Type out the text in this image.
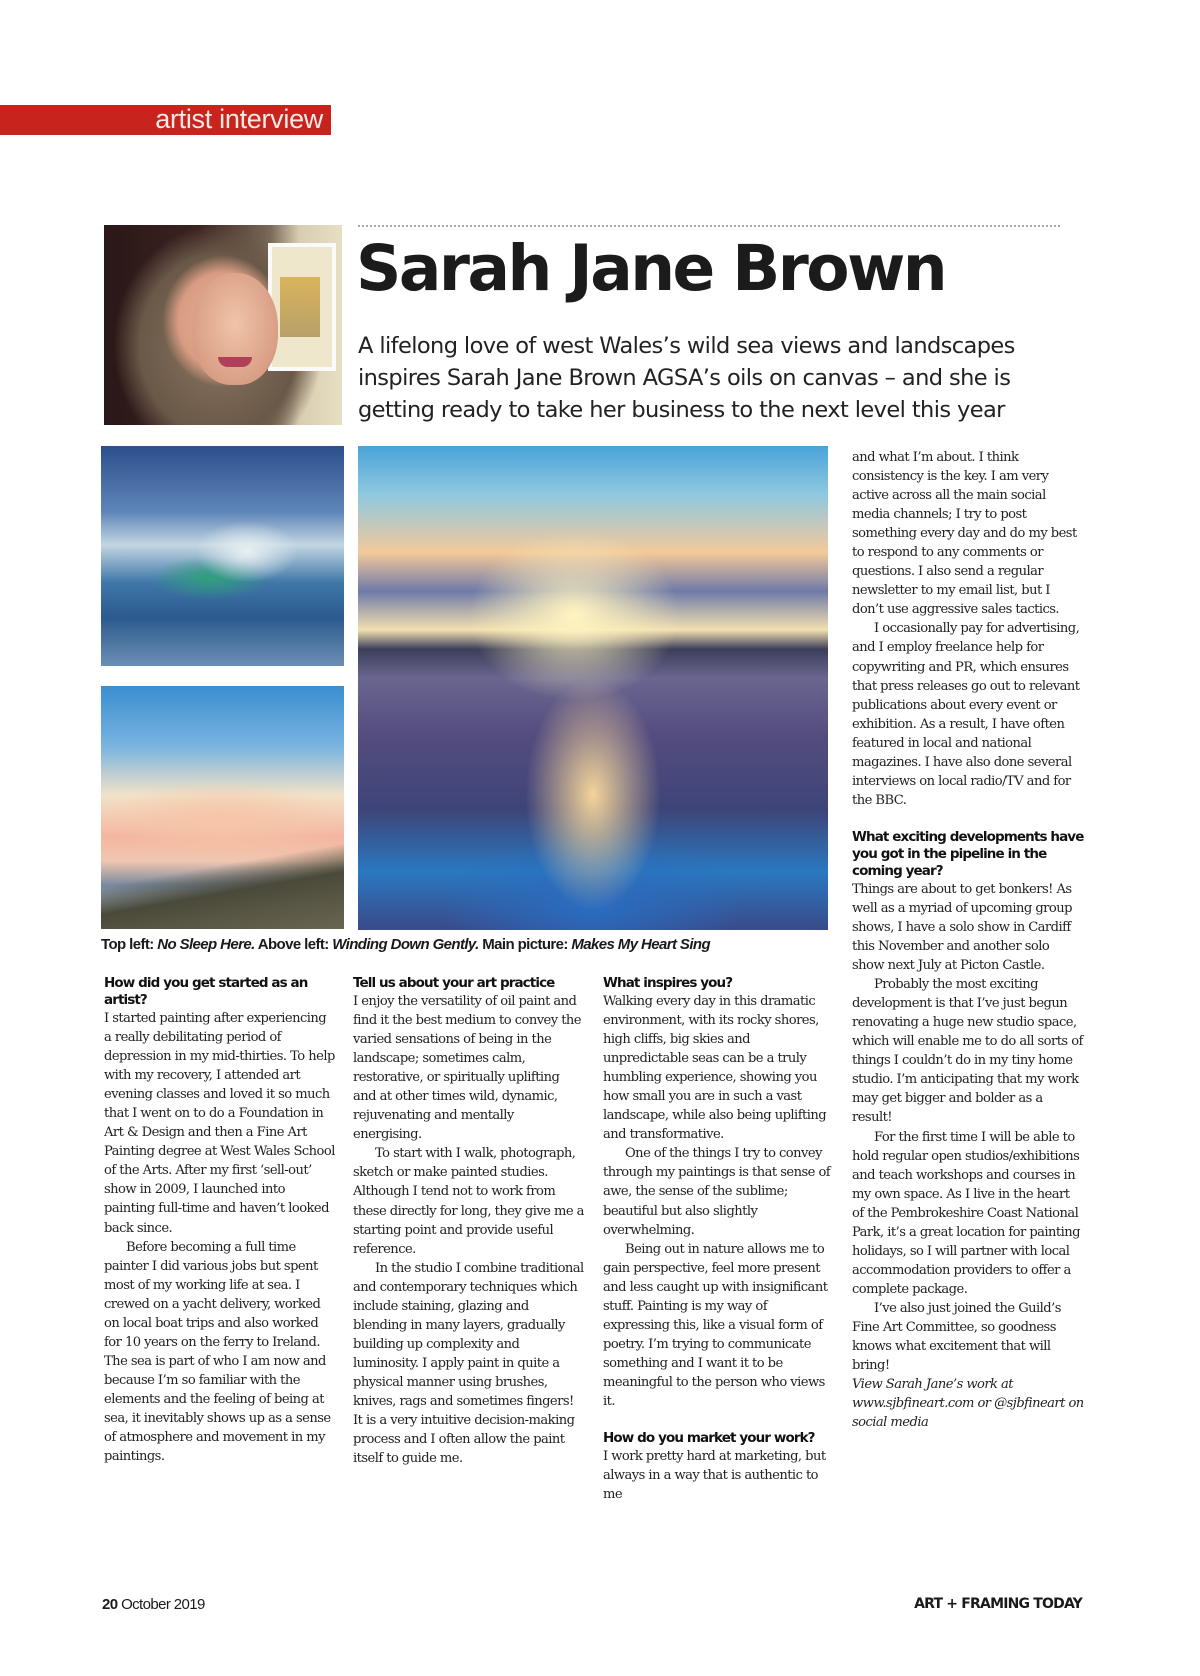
artist interview
Sarah Jane Brown

A lifelong love of west Wales’s wild sea views and landscapes inspires Sarah Jane Brown AGSA’s oils on canvas – and she is getting ready to take her business to the next level this year

Top left: No Sleep Here. Above left: Winding Down Gently. Main picture: Makes My Heart Sing
How did you get started as an artist?

I started painting after experiencing a really debilitating period of depression in my mid-thirties. To help with my recovery, I attended art evening classes and loved it so much that I went on to do a Foundation in Art & Design and then a Fine Art Painting degree at West Wales School of the Arts. After my first ‘sell-out’ show in 2009, I launched into painting full-time and haven’t looked back since.

Before becoming a full time painter I did various jobs but spent most of my working life at sea. I crewed on a yacht delivery, worked on local boat trips and also worked for 10 years on the ferry to Ireland. The sea is part of who I am now and because I’m so familiar with the elements and the feeling of being at sea, it inevitably shows up as a sense of atmosphere and movement in my paintings.

Tell us about your art practice

I enjoy the versatility of oil paint and find it the best medium to convey the varied sensations of being in the landscape; sometimes calm, restorative, or spiritually uplifting and at other times wild, dynamic, rejuvenating and mentally energising.

To start with I walk, photograph, sketch or make painted studies. Although I tend not to work from these directly for long, they give me a starting point and provide useful reference.

In the studio I combine traditional and contemporary techniques which include staining, glazing and blending in many layers, gradually building up complexity and luminosity. I apply paint in quite a physical manner using brushes, knives, rags and sometimes fingers! It is a very intuitive decision-making process and I often allow the paint itself to guide me.

What inspires you?

Walking every day in this dramatic environment, with its rocky shores, high cliffs, big skies and unpredictable seas can be a truly humbling experience, showing you how small you are in such a vast landscape, while also being uplifting and transformative.

One of the things I try to convey through my paintings is that sense of awe, the sense of the sublime; beautiful but also slightly overwhelming.

Being out in nature allows me to gain perspective, feel more present and less caught up with insignificant stuff. Painting is my way of expressing this, like a visual form of poetry. I’m trying to communicate something and I want it to be meaningful to the person who views it.

How do you market your work?

I work pretty hard at marketing, but always in a way that is authentic to me

and what I’m about. I think consistency is the key. I am very active across all the main social media channels; I try to post something every day and do my best to respond to any comments or questions. I also send a regular newsletter to my email list, but I don’t use aggressive sales tactics.

I occasionally pay for advertising, and I employ freelance help for copywriting and PR, which ensures that press releases go out to relevant publications about every event or exhibition. As a result, I have often featured in local and national magazines. I have also done several interviews on local radio/TV and for the BBC.

What exciting developments have you got in the pipeline in the coming year?

Things are about to get bonkers! As well as a myriad of upcoming group shows, I have a solo show in Cardiff this November and another solo show next July at Picton Castle.

Probably the most exciting development is that I’ve just begun renovating a huge new studio space, which will enable me to do all sorts of things I couldn’t do in my tiny home studio. I’m anticipating that my work may get bigger and bolder as a result!

For the first time I will be able to hold regular open studios/exhibitions and teach workshops and courses in my own space. As I live in the heart of the Pembrokeshire Coast National Park, it’s a great location for painting holidays, so I will partner with local accommodation providers to offer a complete package.

I’ve also just joined the Guild’s Fine Art Committee, so goodness knows what excitement that will bring!

View Sarah Jane’s work at www.sjbfineart.com or @sjbfineart on social media

20 October 2019	ART + FRAMING TODAY
